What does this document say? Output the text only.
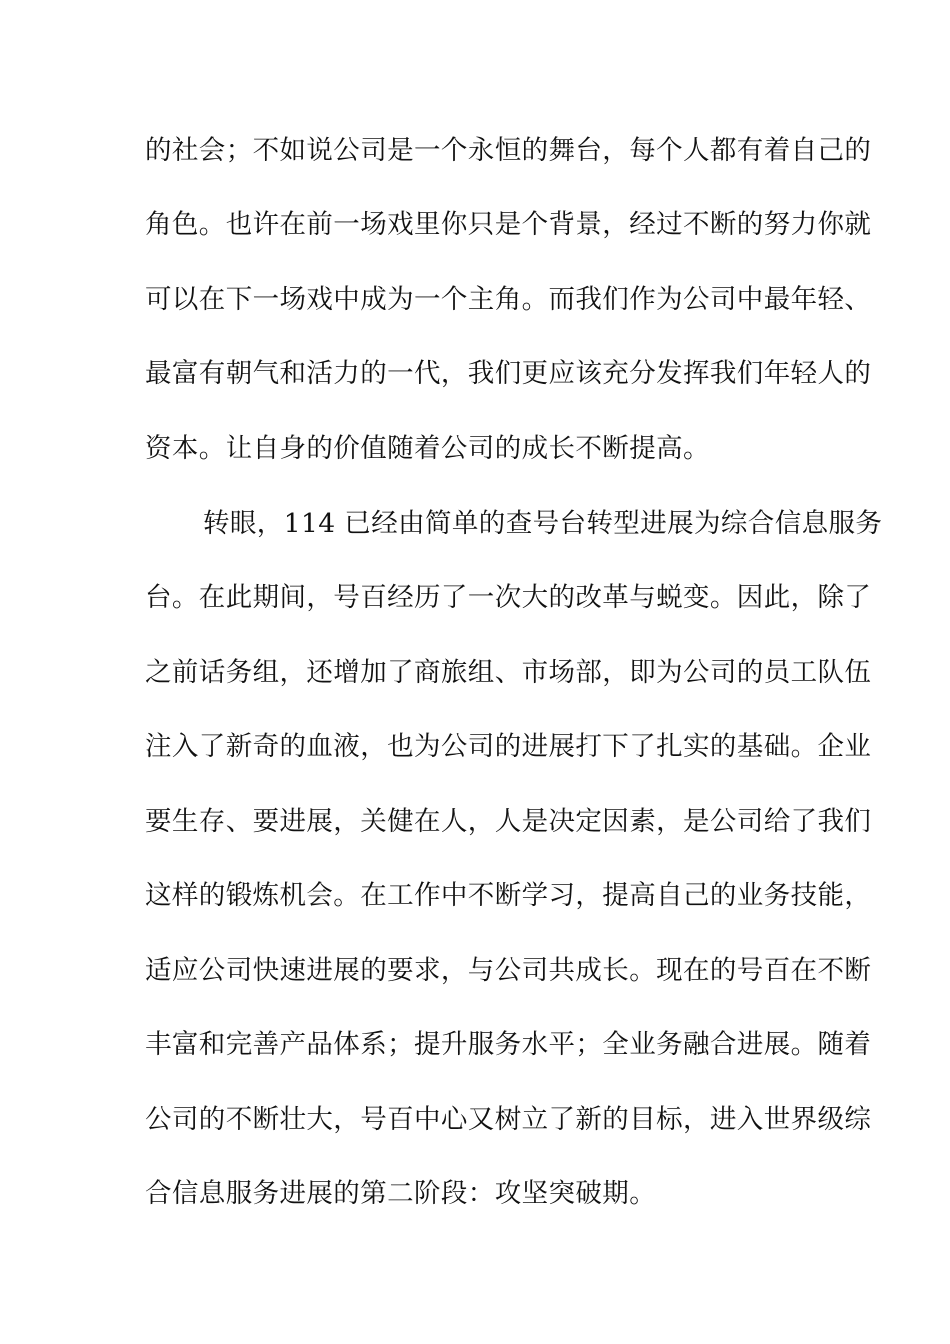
的社会；不如说公司是一个永恒的舞台，每个人都有着自己的
角色。也许在前一场戏里你只是个背景，经过不断的努力你就
可以在下一场戏中成为一个主角。而我们作为公司中最年轻、
最富有朝气和活力的一代，我们更应该充分发挥我们年轻人的
资本。让自身的价值随着公司的成长不断提高。
转眼，114 已经由简单的查号台转型进展为综合信息服务
台。在此期间，号百经历了一次大的改革与蜕变。因此，除了
之前话务组，还增加了商旅组、市场部，即为公司的员工队伍
注入了新奇的血液，也为公司的进展打下了扎实的基础。企业
要生存、要进展，关健在人，人是决定因素，是公司给了我们
这样的锻炼机会。在工作中不断学习，提高自己的业务技能，
适应公司快速进展的要求，与公司共成长。现在的号百在不断
丰富和完善产品体系；提升服务水平；全业务融合进展。随着
公司的不断壮大，号百中心又树立了新的目标，进入世界级综
合信息服务进展的第二阶段：攻坚突破期。
